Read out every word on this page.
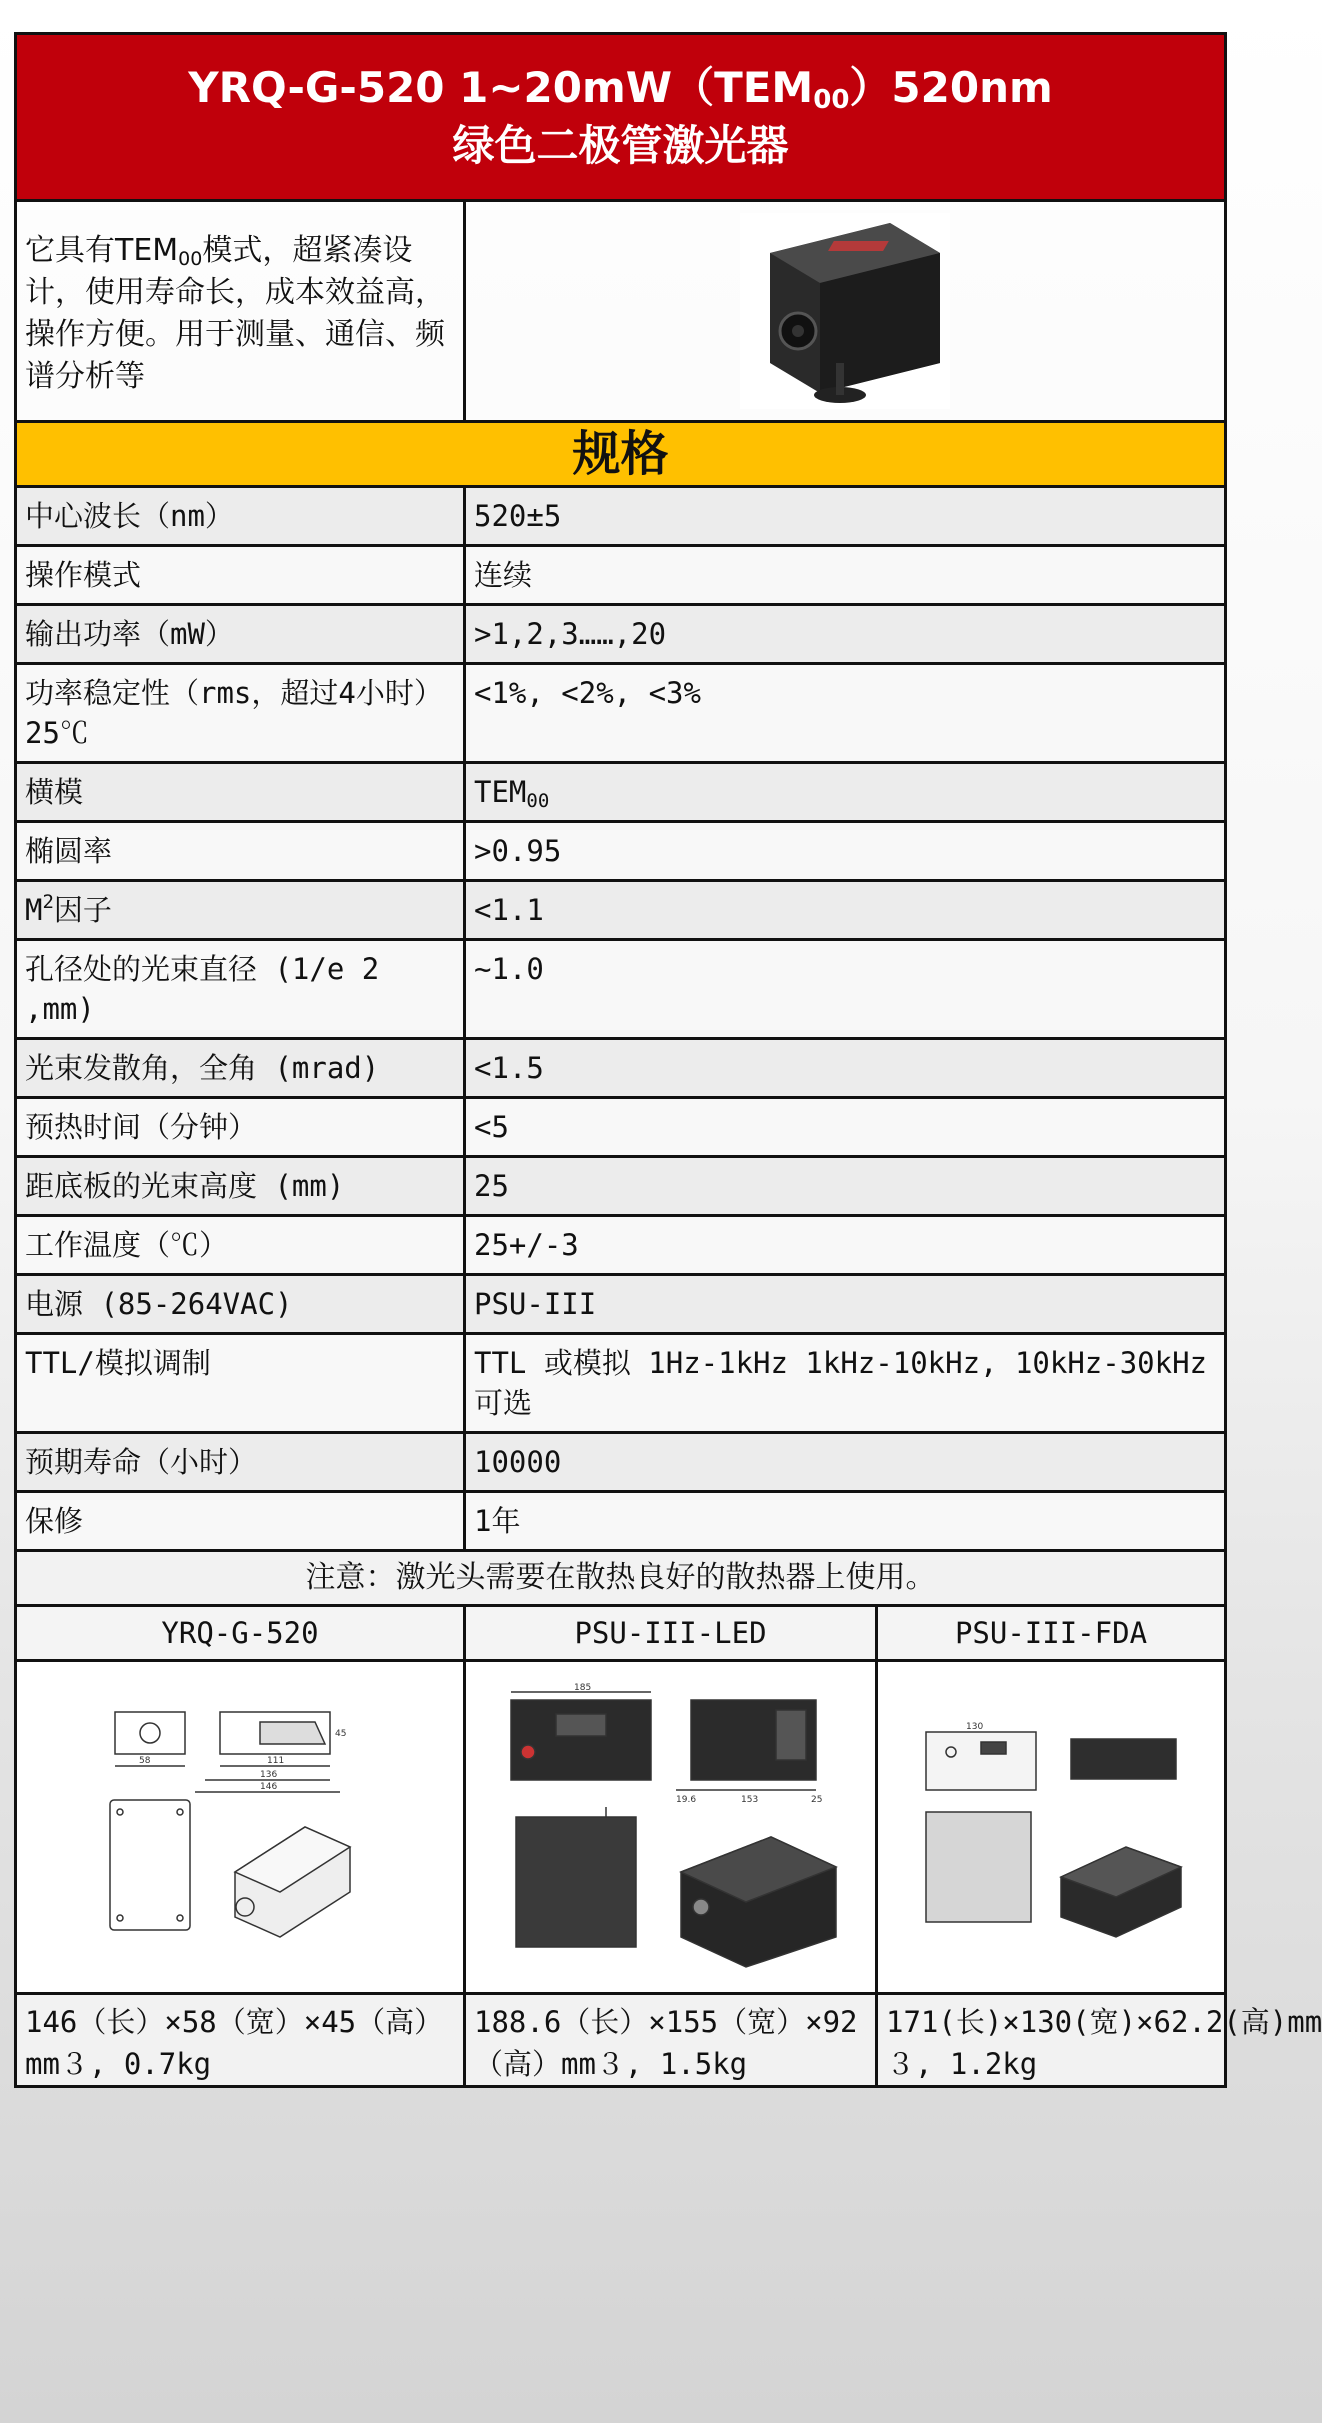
YRQ-G-520 $1\sim 20mW(TEM_{00})520nm$
绿色二极管激光器

它具有$TEM_{00}$模式，超紧凑设计，使用寿命长，成本效益高，操作方便。用于测量、通信、频谱分析等	

规格
中心波长（nm）	520±5
操作模式	连续
输出功率（mW）	>1,2,3……,20
功率稳定性（rms，超过4小时）25℃	<1%, <2%, <3%
横模	$TEM_{00}$
椭圆率	>0.95
$M^2$因子	<1.1
孔径处的光束直径 (1/e 2 ,mm)	~1.0
光束发散角，全角 (mrad)	<1.5
预热时间（分钟）	<5
距底板的光束高度 (mm)	25
工作温度（℃）	25+/-3
电源 (85-264VAC)	PSU-III
TTL/模拟调制	TTL 或模拟 1Hz-1kHz 1kHz-10kHz, 10kHz-30kHz可选
预期寿命（小时）	10000
保修	1年
注意：激光头需要在散热良好的散热器上使用。		
YRQ-G-520	PSU-III-LED	PSU-III-FDA

58 111
136
146
45	185
19.6 153 25	130

146（长）×58（宽）×45（高）mm３, 0.7kg	188.6（长）×155（宽）×92（高）mm３, 1.5kg	171(长)×130(宽)×62.2(高)mm３, 1.2kg
